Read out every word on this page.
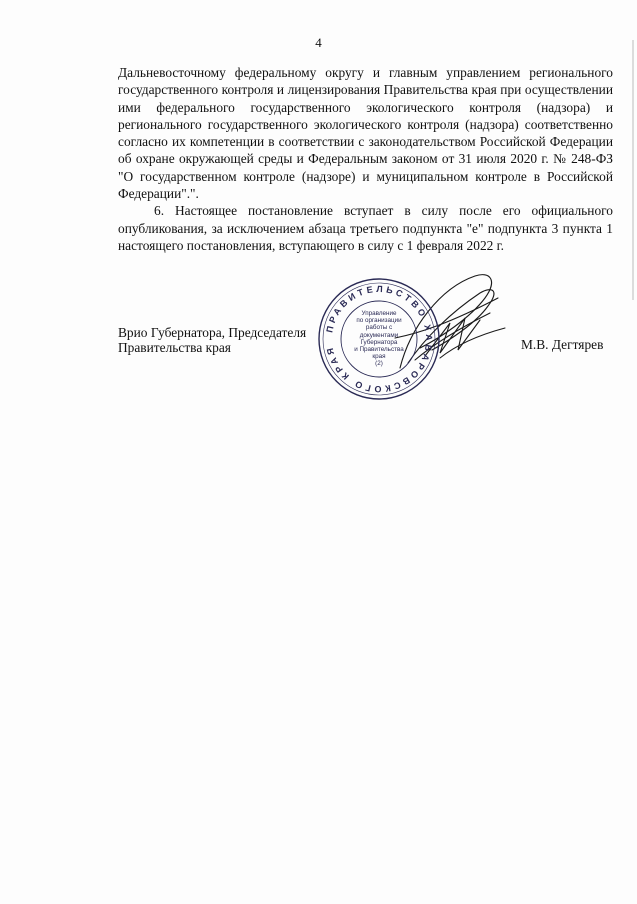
4

Дальневосточному федеральному округу и главным управлением регионального государственного контроля и лицензирования Правительства края при осуществлении ими федерального государственного экологического контроля (надзора) и регионального государственного экологического контроля (надзора) соответственно согласно их компетенции в соответствии с законодательством Российской Федерации об охране окружающей среды и Федеральным законом от 31 июля 2020 г. № 248-ФЗ "О государственном контроле (надзоре) и муниципальном контроле в Российской Федерации".".

6. Настоящее постановление вступает в силу после его официального опубликования, за исключением абзаца третьего подпункта "е" подпункта 3 пункта 1 настоящего постановления, вступающего в силу с 1 февраля 2022 г.

ПРАВИТЕЛЬСТВО ХАБАРОВСКОГО КРАЯ
Управление
по организации
работы с документами
Губернатора
и Правительства
края
(2)
Врио Губернатора, Председателя
Правительства края	М.В. Дегтярев
